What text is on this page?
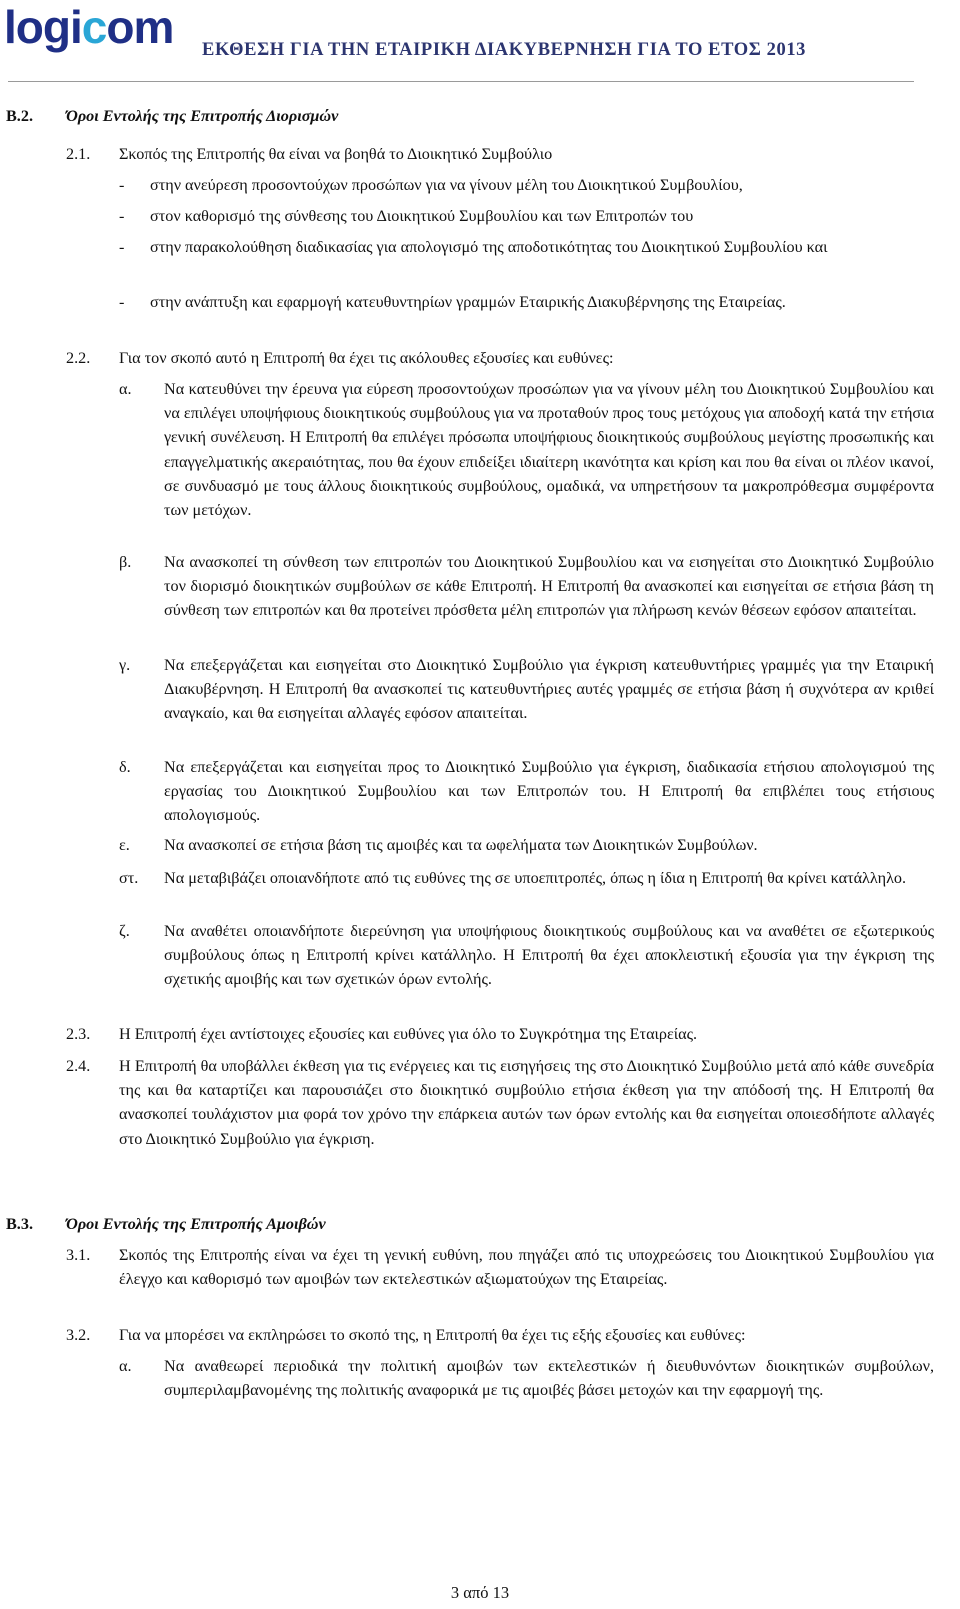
logicom ΕΚΘΕΣΗ ΓΙΑ ΤΗΝ ΕΤΑΙΡΙΚΗ ΔΙΑΚΥΒΕΡΝΗΣΗ ΓΙΑ ΤΟ ΕΤΟΣ 2013
Β.2. Όροι Εντολής της Επιτροπής Διορισμών
2.1. Σκοπός της Επιτροπής θα είναι να βοηθά το Διοικητικό Συμβούλιο
- στην ανεύρεση προσοντούχων προσώπων για να γίνουν μέλη του Διοικητικού Συμβουλίου,
- στον καθορισμό της σύνθεσης του Διοικητικού Συμβουλίου και των Επιτροπών του
- στην παρακολούθηση διαδικασίας για απολογισμό της αποδοτικότητας του Διοικητικού Συμβουλίου και
- στην ανάπτυξη και εφαρμογή κατευθυντηρίων γραμμών Εταιρικής Διακυβέρνησης της Εταιρείας.
2.2. Για τον σκοπό αυτό η Επιτροπή θα έχει τις ακόλουθες εξουσίες και ευθύνες:
α. Να κατευθύνει την έρευνα για εύρεση προσοντούχων προσώπων για να γίνουν μέλη του Διοικητικού Συμβουλίου και να επιλέγει υποψήφιους διοικητικούς συμβούλους για να προταθούν προς τους μετόχους για αποδοχή κατά την ετήσια γενική συνέλευση. Η Επιτροπή θα επιλέγει πρόσωπα υποψήφιους διοικητικούς συμβούλους μεγίστης προσωπικής και επαγγελματικής ακεραιότητας, που θα έχουν επιδείξει ιδιαίτερη ικανότητα και κρίση και που θα είναι οι πλέον ικανοί, σε συνδυασμό με τους άλλους διοικητικούς συμβούλους, ομαδικά, να υπηρετήσουν τα μακροπρόθεσμα συμφέροντα των μετόχων.
β. Να ανασκοπεί τη σύνθεση των επιτροπών του Διοικητικού Συμβουλίου και να εισηγείται στο Διοικητικό Συμβούλιο τον διορισμό διοικητικών συμβούλων σε κάθε Επιτροπή. Η Επιτροπή θα ανασκοπεί και εισηγείται σε ετήσια βάση τη σύνθεση των επιτροπών και θα προτείνει πρόσθετα μέλη επιτροπών για πλήρωση κενών θέσεων εφόσον απαιτείται.
γ. Να επεξεργάζεται και εισηγείται στο Διοικητικό Συμβούλιο για έγκριση κατευθυντήριες γραμμές για την Εταιρική Διακυβέρνηση. Η Επιτροπή θα ανασκοπεί τις κατευθυντήριες αυτές γραμμές σε ετήσια βάση ή συχνότερα αν κριθεί αναγκαίο, και θα εισηγείται αλλαγές εφόσον απαιτείται.
δ. Να επεξεργάζεται και εισηγείται προς το Διοικητικό Συμβούλιο για έγκριση, διαδικασία ετήσιου απολογισμού της εργασίας του Διοικητικού Συμβουλίου και των Επιτροπών του. Η Επιτροπή θα επιβλέπει τους ετήσιους απολογισμούς.
ε. Να ανασκοπεί σε ετήσια βάση τις αμοιβές και τα ωφελήματα των Διοικητικών Συμβούλων.
στ. Να μεταβιβάζει οποιανδήποτε από τις ευθύνες της σε υποεπιτροπές, όπως η ίδια η Επιτροπή θα κρίνει κατάλληλο.
ζ. Να αναθέτει οποιανδήποτε διερεύνηση για υποψήφιους διοικητικούς συμβούλους και να αναθέτει σε εξωτερικούς συμβούλους όπως η Επιτροπή κρίνει κατάλληλο. Η Επιτροπή θα έχει αποκλειστική εξουσία για την έγκριση της σχετικής αμοιβής και των σχετικών όρων εντολής.
2.3. Η Επιτροπή έχει αντίστοιχες εξουσίες και ευθύνες για όλο το Συγκρότημα της Εταιρείας.
2.4. Η Επιτροπή θα υποβάλλει έκθεση για τις ενέργειες και τις εισηγήσεις της στο Διοικητικό Συμβούλιο μετά από κάθε συνεδρία της και θα καταρτίζει και παρουσιάζει στο διοικητικό συμβούλιο ετήσια έκθεση για την απόδοσή της. Η Επιτροπή θα ανασκοπεί τουλάχιστον μια φορά τον χρόνο την επάρκεια αυτών των όρων εντολής και θα εισηγείται οποιεσδήποτε αλλαγές στο Διοικητικό Συμβούλιο για έγκριση.
Β.3. Όροι Εντολής της Επιτροπής Αμοιβών
3.1. Σκοπός της Επιτροπής είναι να έχει τη γενική ευθύνη, που πηγάζει από τις υποχρεώσεις του Διοικητικού Συμβουλίου για έλεγχο και καθορισμό των αμοιβών των εκτελεστικών αξιωματούχων της Εταιρείας.
3.2. Για να μπορέσει να εκπληρώσει το σκοπό της, η Επιτροπή θα έχει τις εξής εξουσίες και ευθύνες:
α. Να αναθεωρεί περιοδικά την πολιτική αμοιβών των εκτελεστικών ή διευθυνόντων διοικητικών συμβούλων, συμπεριλαμβανομένης της πολιτικής αναφορικά με τις αμοιβές βάσει μετοχών και την εφαρμογή της.
3 από 13
